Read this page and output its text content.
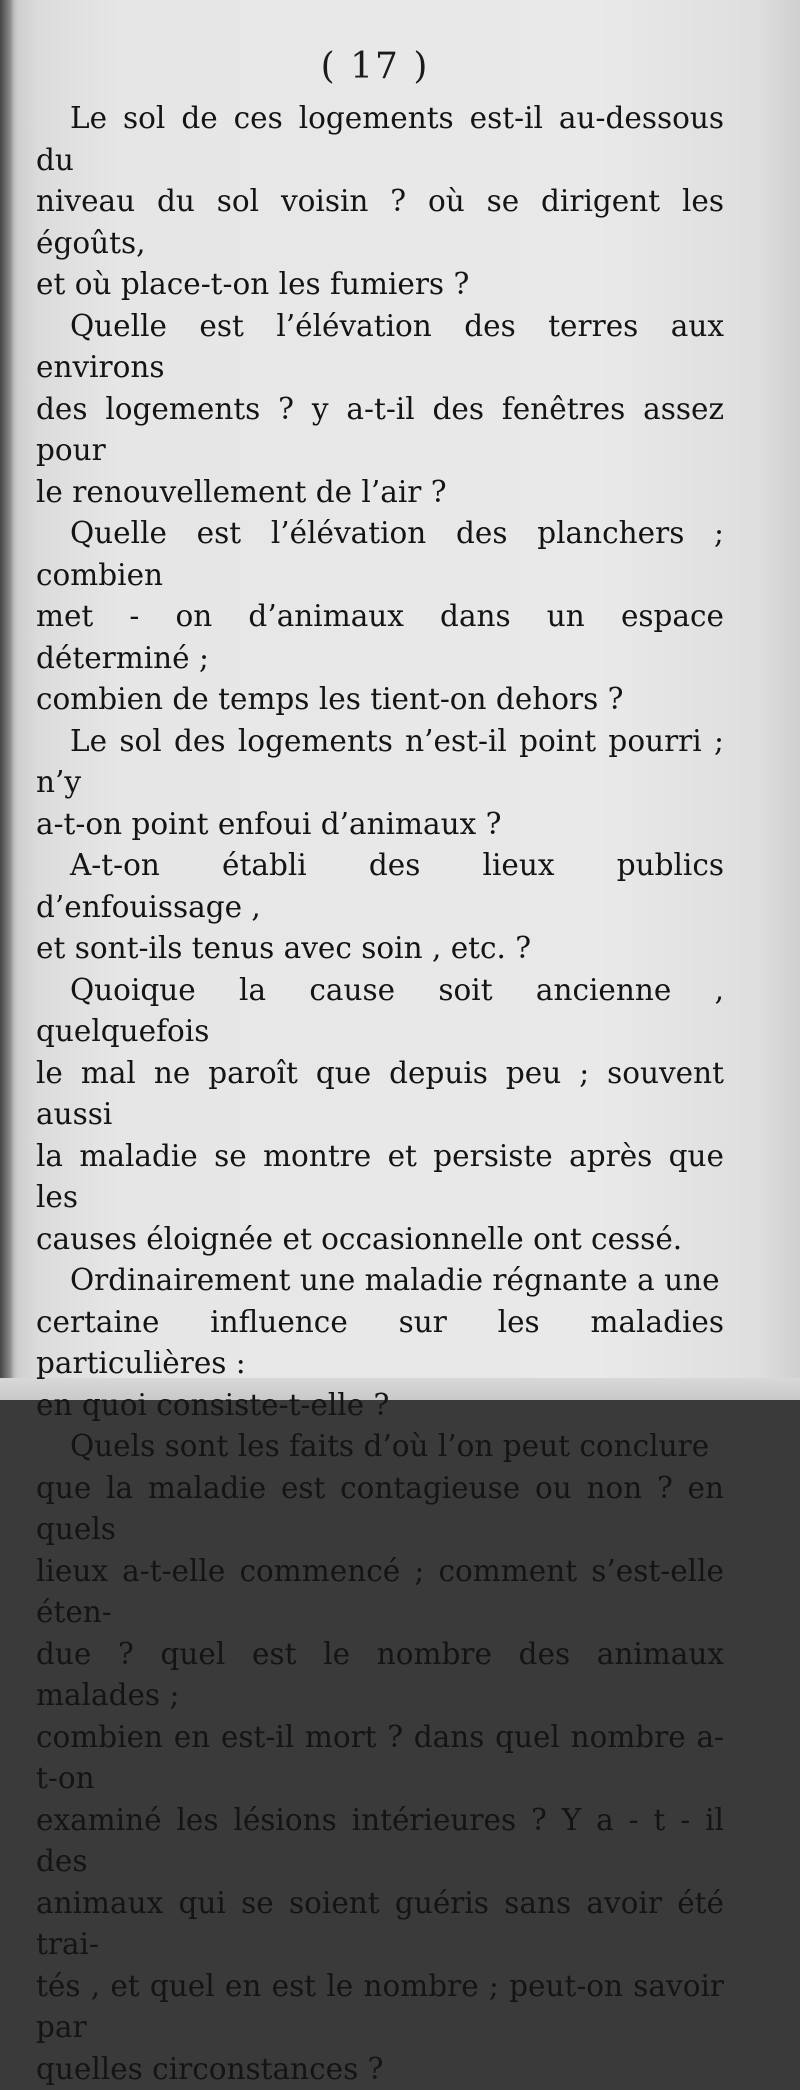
( 17 )

Le sol de ces logements est-il au-dessous du
niveau du sol voisin ? où se dirigent les égoûts,
et où place-t-on les fumiers ?

Quelle est l’élévation des terres aux environs
des logements ? y a-t-il des fenêtres assez pour
le renouvellement de l’air ?

Quelle est l’élévation des planchers ; combien
met - on d’animaux dans un espace déterminé ;
combien de temps les tient-on dehors ?

Le sol des logements n’est-il point pourri ; n’y
a-t-on point enfoui d’animaux ?

A-t-on établi des lieux publics d’enfouissage ,
et sont-ils tenus avec soin , etc. ?

Quoique la cause soit ancienne , quelquefois
le mal ne paroît que depuis peu ; souvent aussi
la maladie se montre et persiste après que les
causes éloignée et occasionnelle ont cessé.

Ordinairement une maladie régnante a une
certaine influence sur les maladies particulières :
en quoi consiste-t-elle ?

Quels sont les faits d’où l’on peut conclure
que la maladie est contagieuse ou non ? en quels
lieux a-t-elle commencé ; comment s’est-elle éten-
due ? quel est le nombre des animaux malades ;
combien en est-il mort ? dans quel nombre a-t-on
examiné les lésions intérieures ? Y a - t - il des
animaux qui se soient guéris sans avoir été trai-
tés , et quel en est le nombre ; peut-on savoir par
quelles circonstances ?
